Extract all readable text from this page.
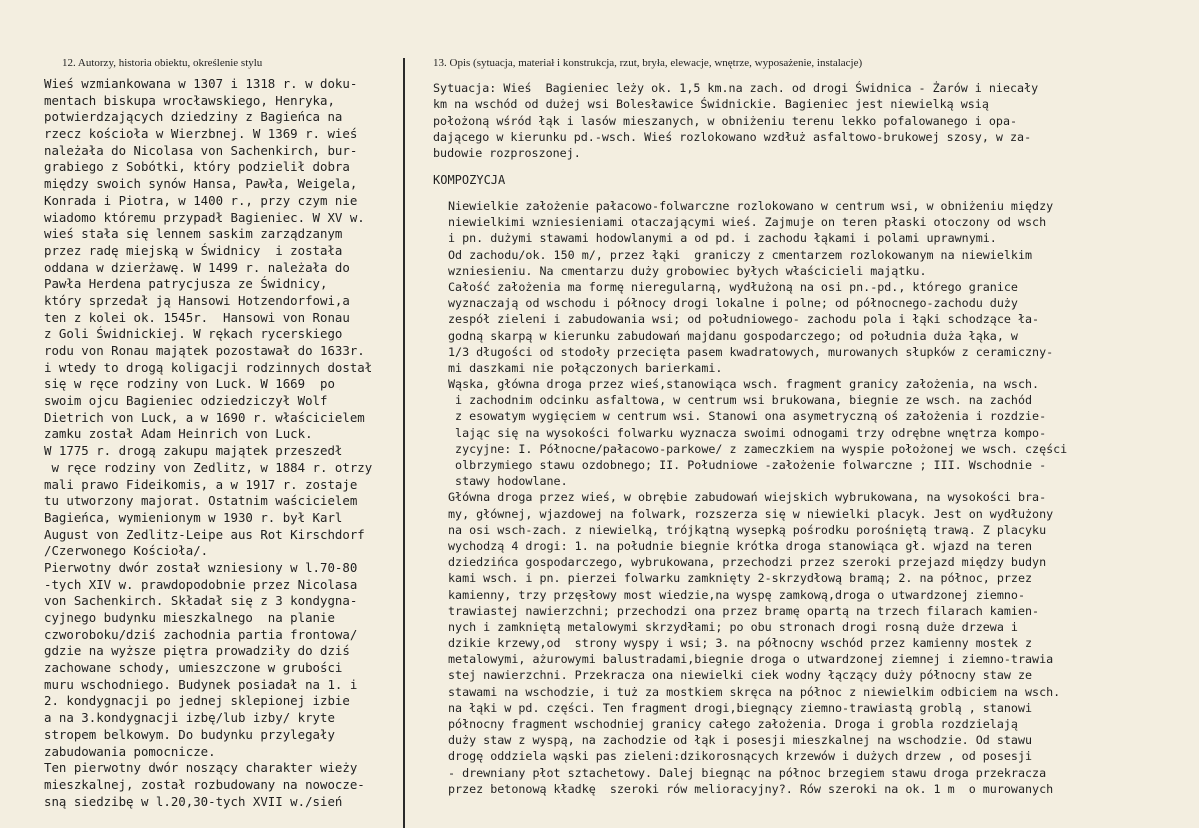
12. Autorzy, historia obiektu, określenie stylu	13. Opis (sytuacja, materiał i konstrukcja, rzut, bryła, elewacje, wnętrze, wyposażenie, instalacje)
Wieś wzmiankowana w 1307 i 1318 r. w doku-
mentach biskupa wrocławskiego, Henryka,
potwierdzających dziedziny z Bagieńca na
rzecz kościoła w Wierzbnej. W 1369 r. wieś
należała do Nicolasa von Sachenkirch, bur-
grabiego z Sobótki, który podzielił dobra
między swoich synów Hansa, Pawła, Weigela,
Konrada i Piotra, w 1400 r., przy czym nie
wiadomo któremu przypadł Bagieniec. W XV w.
wieś stała się lennem saskim zarządzanym
przez radę miejską w Świdnicy  i została
oddana w dzierżawę. W 1499 r. należała do
Pawła Herdena patrycjusza ze Świdnicy,
który sprzedał ją Hansowi Hotzendorfowi,a
ten z kolei ok. 1545r.  Hansowi von Ronau
z Goli Świdnickiej. W rękach rycerskiego
rodu von Ronau majątek pozostawał do 1633r.
i wtedy to drogą koligacji rodzinnych dostał
się w ręce rodziny von Luck. W 1669  po
swoim ojcu Bagieniec odziedziczył Wolf
Dietrich von Luck, a w 1690 r. właścicielem
zamku został Adam Heinrich von Luck.
W 1775 r. drogą zakupu majątek przeszedł
w ręce rodziny von Zedlitz, w 1884 r. otrzy
mali prawo Fideikomis, a w 1917 r. zostaje
tu utworzony majorat. Ostatnim waścicielem
Bagieńca, wymienionym w 1930 r. był Karl
August von Zedlitz-Leipe aus Rot Kirschdorf
/Czerwonego Kościoła/.
Pierwotny dwór został wzniesiony w l.70-80
-tych XIV w. prawdopodobnie przez Nicolasa
von Sachenkirch. Składał się z 3 kondygna-
cyjnego budynku mieszkalnego  na planie
czworoboku/dziś zachodnia partia frontowa/
gdzie na wyższe piętra prowadziły do dziś
zachowane schody, umieszczone w grubości
muru wschodniego. Budynek posiadał na 1. i
2. kondygnacji po jednej sklepionej izbie
a na 3.kondygnacji izbę/lub izby/ kryte
stropem belkowym. Do budynku przylegały
zabudowania pomocnicze.
Ten pierwotny dwór noszący charakter wieży
mieszkalnej, został rozbudowany na nowocze-
sną siedzibę w l.20,30-tych XVII w./sień
Sytuacja: Wieś  Bagieniec leży ok. 1,5 km.na zach. od drogi Świdnica - Żarów i niecały
km na wschód od dużej wsi Bolesławice Świdnickie. Bagieniec jest niewielką wsią
położoną wśród łąk i lasów mieszanych, w obniżeniu terenu lekko pofalowanego i opa-
dającego w kierunku pd.-wsch. Wieś rozlokowano wzdłuż asfaltowo-brukowej szosy, w za-
budowie rozproszonej.
KOMPOZYCJA
Niewielkie założenie pałacowo-folwarczne rozlokowano w centrum wsi, w obniżeniu między
niewielkimi wzniesieniami otaczającymi wieś. Zajmuje on teren płaski otoczony od wsch
i pn. dużymi stawami hodowlanymi a od pd. i zachodu łąkami i polami uprawnymi.
Od zachodu/ok. 150 m/, przez łąki  graniczy z cmentarzem rozlokowanym na niewielkim
wzniesieniu. Na cmentarzu duży grobowiec byłych właścicieli majątku.
Całość założenia ma formę nieregularną, wydłużoną na osi pn.-pd., którego granice
wyznaczają od wschodu i północy drogi lokalne i polne; od północnego-zachodu duży
zespół zieleni i zabudowania wsi; od południowego- zachodu pola i łąki schodzące ła-
godną skarpą w kierunku zabudowań majdanu gospodarczego; od południa duża łąka, w
1/3 długości od stodoły przecięta pasem kwadratowych, murowanych słupków z ceramiczny-
mi daszkami nie połączonych barierkami.
Wąska, główna droga przez wieś,stanowiąca wsch. fragment granicy założenia, na wsch.
i zachodnim odcinku asfaltowa, w centrum wsi brukowana, biegnie ze wsch. na zachód
z esowatym wygięciem w centrum wsi. Stanowi ona asymetryczną oś założenia i rozdzie-
lając się na wysokości folwarku wyznacza swoimi odnogami trzy odrębne wnętrza kompo-
zycyjne: I. Północne/pałacowo-parkowe/ z zameczkiem na wyspie położonej we wsch. części
olbrzymiego stawu ozdobnego; II. Południowe -założenie folwarczne ; III. Wschodnie -
stawy hodowlane.
Główna droga przez wieś, w obrębie zabudowań wiejskich wybrukowana, na wysokości bra-
my, głównej, wjazdowej na folwark, rozszerza się w niewielki placyk. Jest on wydłużony
na osi wsch-zach. z niewielką, trójkątną wysepką pośrodku porośniętą trawą. Z placyku
wychodzą 4 drogi: 1. na południe biegnie krótka droga stanowiąca gł. wjazd na teren
dziedzińca gospodarczego, wybrukowana, przechodzi przez szeroki przejazd między budyn
kami wsch. i pn. pierzei folwarku zamknięty 2-skrzydłową bramą; 2. na północ, przez
kamienny, trzy przęsłowy most wiedzie,na wyspę zamkową,droga o utwardzonej ziemno-
trawiastej nawierzchni; przechodzi ona przez bramę opartą na trzech filarach kamien-
nych i zamkniętą metalowymi skrzydłami; po obu stronach drogi rosną duże drzewa i
dzikie krzewy,od  strony wyspy i wsi; 3. na północny wschód przez kamienny mostek z
metalowymi, ażurowymi balustradami,biegnie droga o utwardzonej ziemnej i ziemno-trawia
stej nawierzchni. Przekracza ona niewielki ciek wodny łączący duży północny staw ze
stawami na wschodzie, i tuż za mostkiem skręca na północ z niewielkim odbiciem na wsch.
na łąki w pd. części. Ten fragment drogi,biegnący ziemno-trawiastą groblą , stanowi
północny fragment wschodniej granicy całego założenia. Droga i grobla rozdzielają
duży staw z wyspą, na zachodzie od łąk i posesji mieszkalnej na wschodzie. Od stawu
drogę oddziela wąski pas zieleni:dzikorosnących krzewów i dużych drzew , od posesji
- drewniany płot sztachetowy. Dalej biegnąc na północ brzegiem stawu droga przekracza
przez betonową kładkę  szeroki rów melioracyjny?. Rów szeroki na ok. 1 m  o murowanych
